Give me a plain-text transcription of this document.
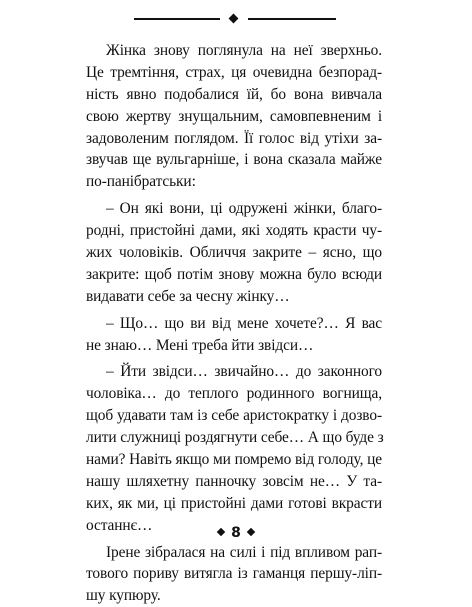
Жінка знову поглянула на неї зверхньо.
Це тремтіння, страх, ця очевидна безпорад-
ність явно подобалися їй, бо вона вивчала
свою жертву знущальним, самовпевненим і
задоволеним поглядом. Її голос від утіхи за-
звучав ще вульгарніше, і вона сказала майже
по-панібратськи:
– Он які вони, ці одружені жінки, благо-
родні, пристойні дами, які ходять красти чу-
жих чоловіків. Обличчя закрите – ясно, що
закрите: щоб потім знову можна було всюди
видавати себе за чесну жінку…
– Що… що ви від мене хочете?… Я вас
не знаю… Мені треба йти звідси…
– Йти звідси… звичайно… до законного
чоловіка… до теплого родинного вогнища,
щоб удавати там із себе аристократку і дозво-
лити служниці роздягнути себе… А що буде з
нами? Навіть якщо ми помремо від голоду, це
нашу шляхетну панночку зовсім не… У та-
ких, як ми, ці пристойні дами готові вкрасти
останнє…
Ірене зібралася на силі і під впливом рап-
тового пориву витягла із гаманця першу-ліп-
шу купюру.
8
